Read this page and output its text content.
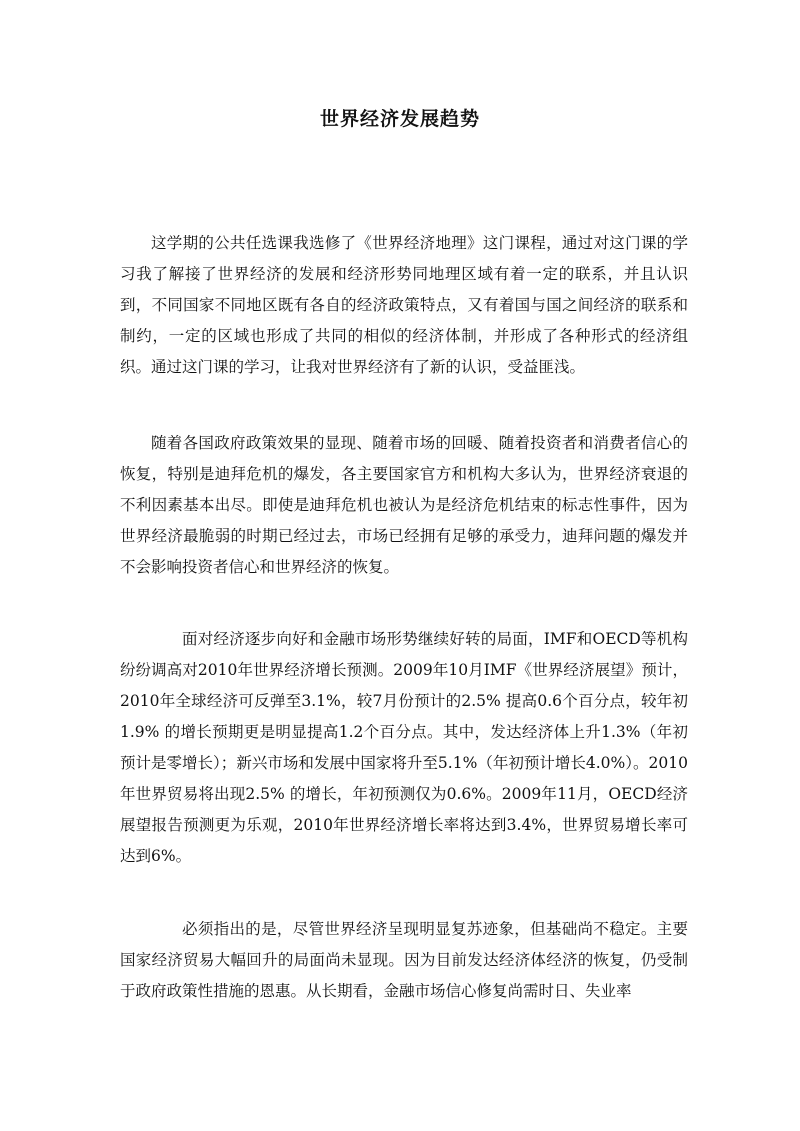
世界经济发展趋势

这学期的公共任选课我选修了《世界经济地理》这门课程，通过对这门课的学习我了解接了世界经济的发展和经济形势同地理区域有着一定的联系，并且认识到，不同国家不同地区既有各自的经济政策特点，又有着国与国之间经济的联系和制约，一定的区域也形成了共同的相似的经济体制，并形成了各种形式的经济组织。通过这门课的学习，让我对世界经济有了新的认识，受益匪浅。

随着各国政府政策效果的显现、随着市场的回暖、随着投资者和消费者信心的恢复，特别是迪拜危机的爆发，各主要国家官方和机构大多认为，世界经济衰退的不利因素基本出尽。即使是迪拜危机也被认为是经济危机结束的标志性事件，因为世界经济最脆弱的时期已经过去，市场已经拥有足够的承受力，迪拜问题的爆发并不会影响投资者信心和世界经济的恢复。

面对经济逐步向好和金融市场形势继续好转的局面，IMF和OECD等机构纷纷调高对2010年世界经济增长预测。2009年10月IMF《世界经济展望》预计，2010年全球经济可反弹至3.1%，较7月份预计的2.5% 提高0.6个百分点，较年初1.9% 的增长预期更是明显提高1.2个百分点。其中，发达经济体上升1.3%（年初预计是零增长）；新兴市场和发展中国家将升至5.1%（年初预计增长4.0%）。2010年世界贸易将出现2.5% 的增长，年初预测仅为0.6%。2009年11月，OECD经济展望报告预测更为乐观，2010年世界经济增长率将达到3.4%，世界贸易增长率可达到6%。

必须指出的是，尽管世界经济呈现明显复苏迹象，但基础尚不稳定。主要国家经济贸易大幅回升的局面尚未显现。因为目前发达经济体经济的恢复，仍受制于政府政策性措施的恩惠。从长期看，金融市场信心修复尚需时日、失业率
